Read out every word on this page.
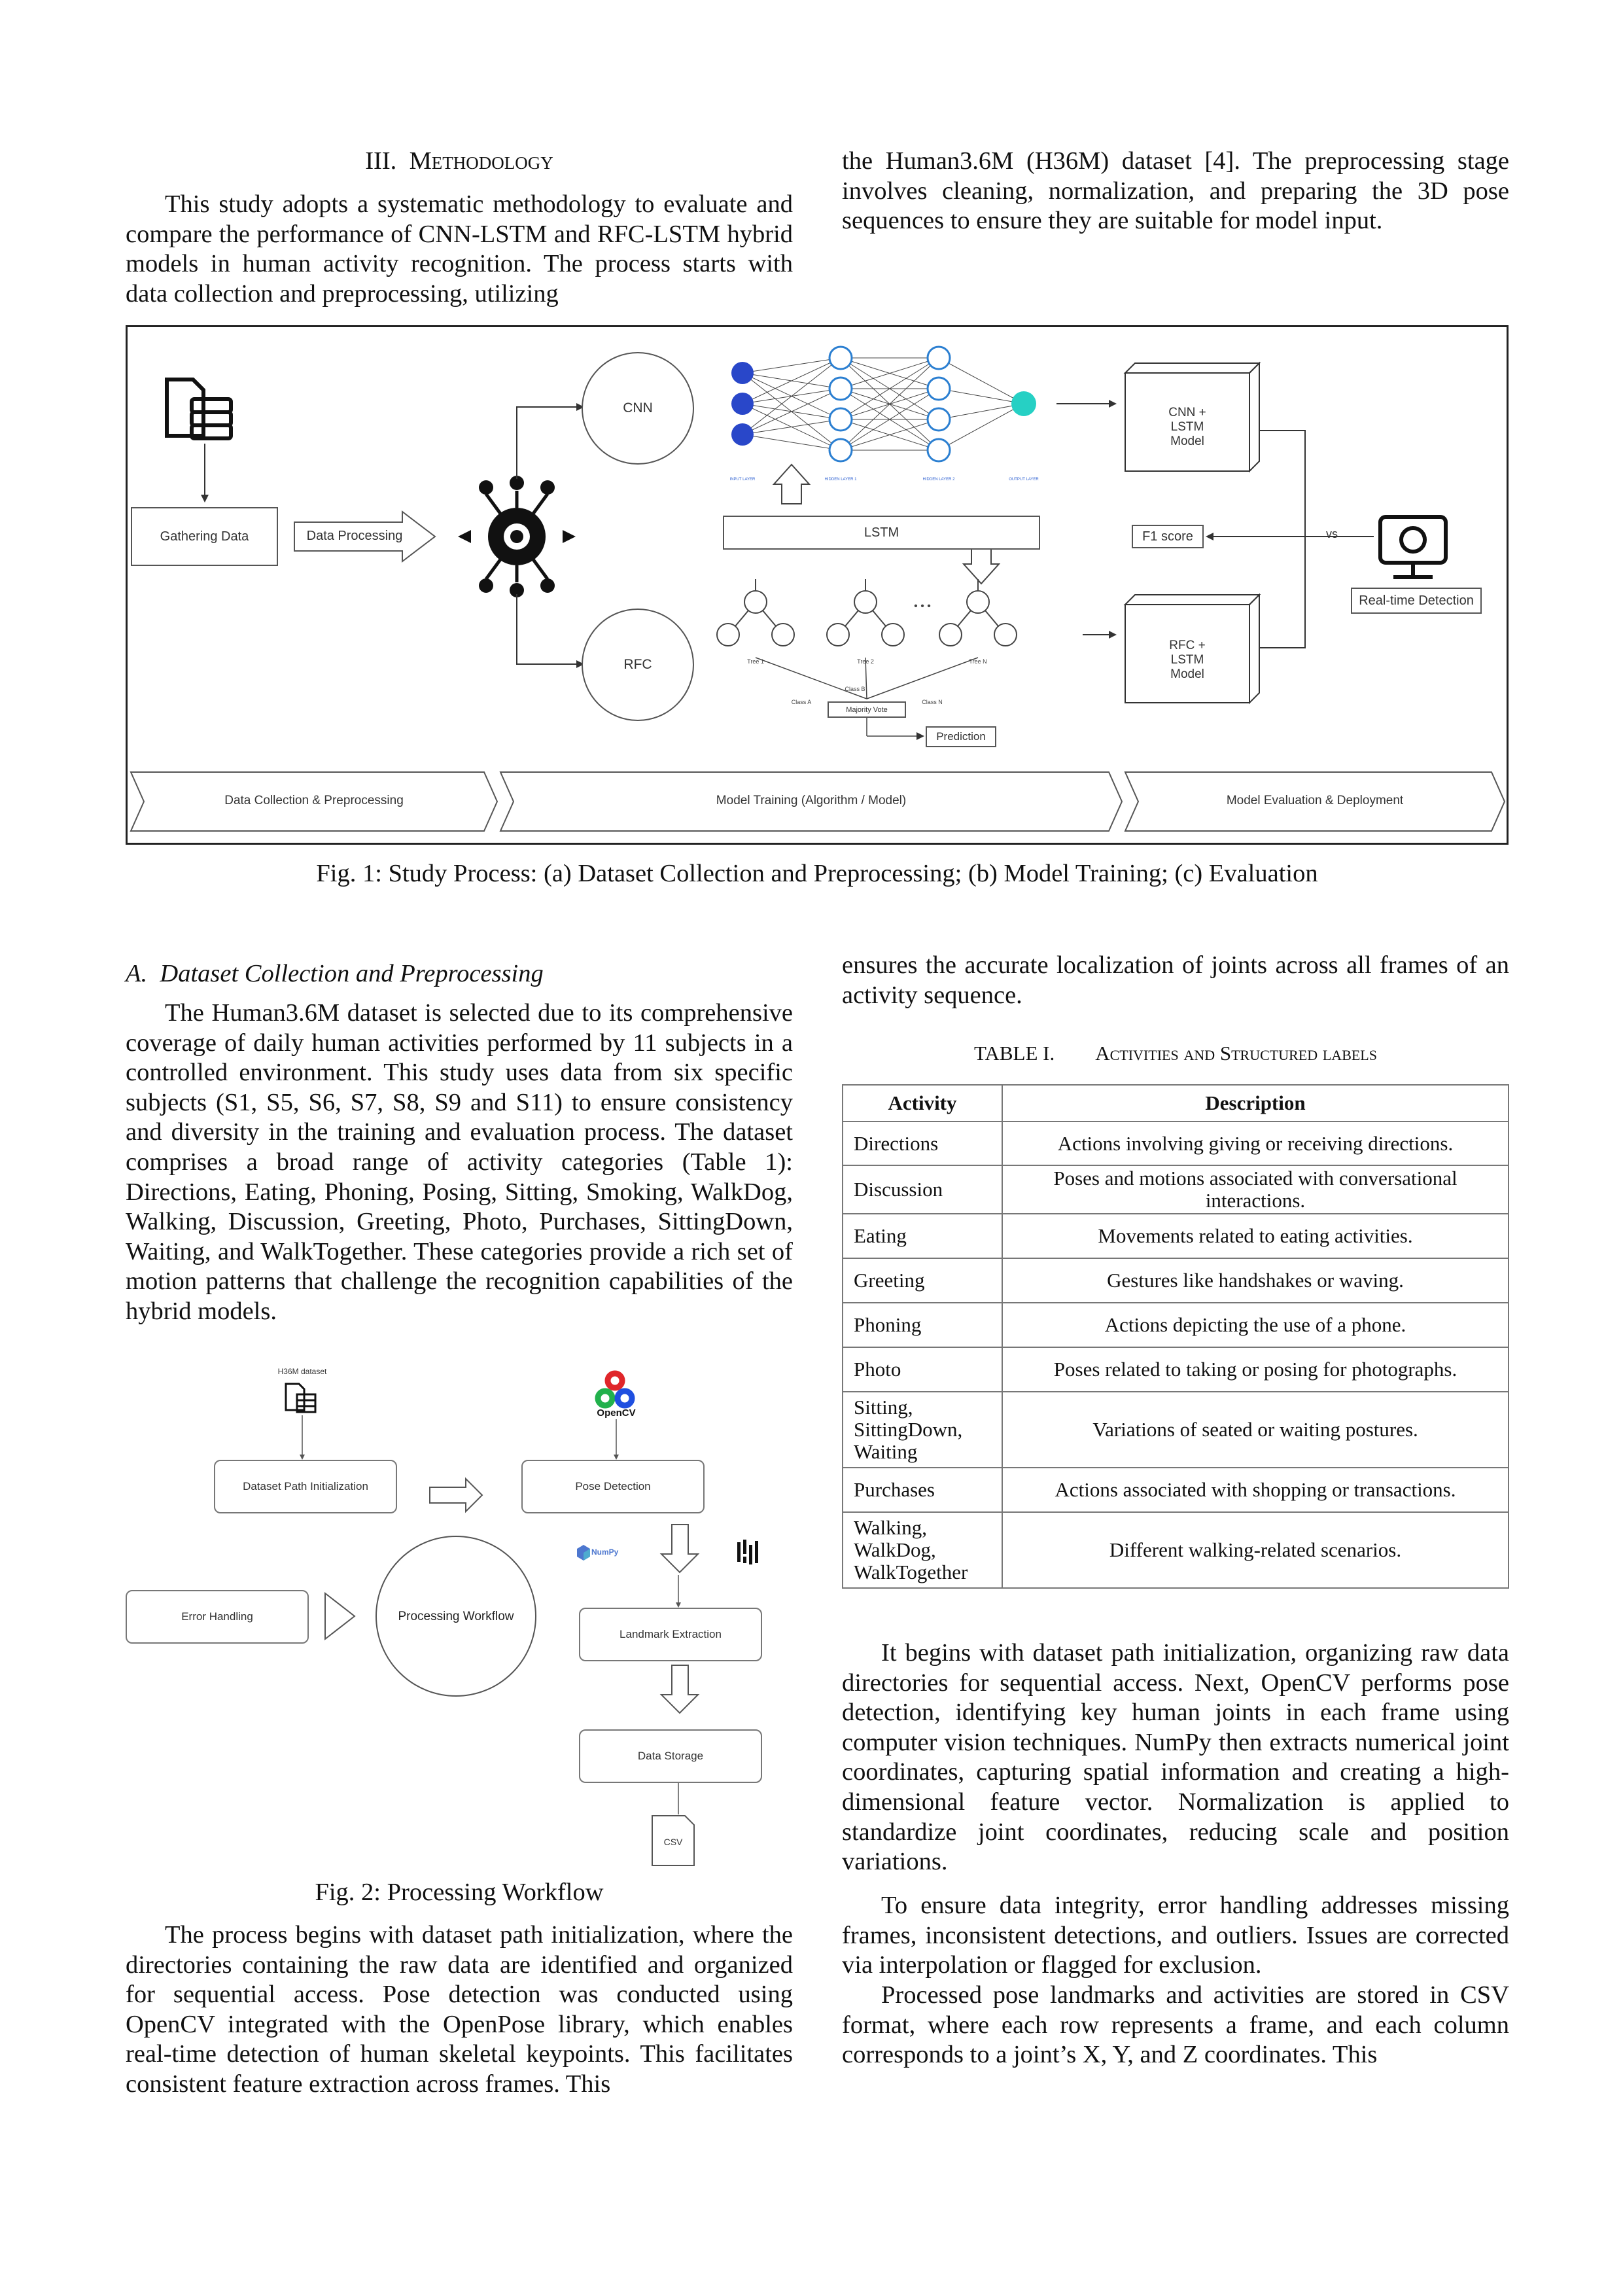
III. Methodology

This study adopts a systematic methodology to evaluate and compare the performance of CNN-LSTM and RFC-LSTM hybrid models in human activity recognition. The process starts with data collection and preprocessing, utilizing

the Human3.6M (H36M) dataset [4]. The preprocessing stage involves cleaning, normalization, and preparing the 3D pose sequences to ensure they are suitable for model input.

Gathering Data	Data Processing
CNN
RFC
INPUT LAYER	HIDDEN LAYER 1	HIDDEN LAYER 2	OUTPUT LAYER
LSTM
CNN + LSTM Model
RFC + LSTM Model
F1 score	vs
Real-time Detection
Tree 1	Tree 2	Tree N
• • •
Class A
Class B
Class N
Majority Vote
Prediction
Data Collection & Preprocessing	Model Training (Algorithm / Model)	Model Evaluation & Deployment
Fig. 1: Study Process: (a) Dataset Collection and Preprocessing; (b) Model Training; (c) Evaluation
A. Dataset Collection and Preprocessing

The Human3.6M dataset is selected due to its comprehensive coverage of daily human activities performed by 11 subjects in a controlled environment. This study uses data from six specific subjects (S1, S5, S6, S7, S8, S9 and S11) to ensure consistency and diversity in the training and evaluation process. The dataset comprises a broad range of activity categories (Table 1): Directions, Eating, Phoning, Posing, Sitting, Smoking, WalkDog, Walking, Discussion, Greeting, Photo, Purchases, SittingDown, Waiting, and WalkTogether. These categories provide a rich set of motion patterns that challenge the recognition capabilities of the hybrid models.

H36M dataset
OpenCV
Dataset Path Initialization	Pose Detection
NumPy
Error Handling	Processing Workflow
Landmark Extraction
Data Storage
CSV
Fig. 2: Processing Workflow

The process begins with dataset path initialization, where the directories containing the raw data are identified and organized for sequential access. Pose detection was conducted using OpenCV integrated with the OpenPose library, which enables real-time detection of human skeletal keypoints. This facilitates consistent feature extraction across frames. This

ensures the accurate localization of joints across all frames of an activity sequence.

TABLE I. Activities and Structured labels
Activity	Description
Directions	Actions involving giving or receiving directions.
Discussion	Poses and motions associated with conversational interactions.
Eating	Movements related to eating activities.
Greeting	Gestures like handshakes or waving.
Phoning	Actions depicting the use of a phone.
Photo	Poses related to taking or posing for photographs.
Sitting, SittingDown, Waiting	Variations of seated or waiting postures.
Purchases	Actions associated with shopping or transactions.
Walking, WalkDog, WalkTogether	Different walking-related scenarios.

It begins with dataset path initialization, organizing raw data directories for sequential access. Next, OpenCV performs pose detection, identifying key human joints in each frame using computer vision techniques. NumPy then extracts numerical joint coordinates, capturing spatial information and creating a high-dimensional feature vector. Normalization is applied to standardize joint coordinates, reducing scale and position variations.

To ensure data integrity, error handling addresses missing frames, inconsistent detections, and outliers. Issues are corrected via interpolation or flagged for exclusion.

Processed pose landmarks and activities are stored in CSV format, where each row represents a frame, and each column corresponds to a joint’s X, Y, and Z coordinates. This
